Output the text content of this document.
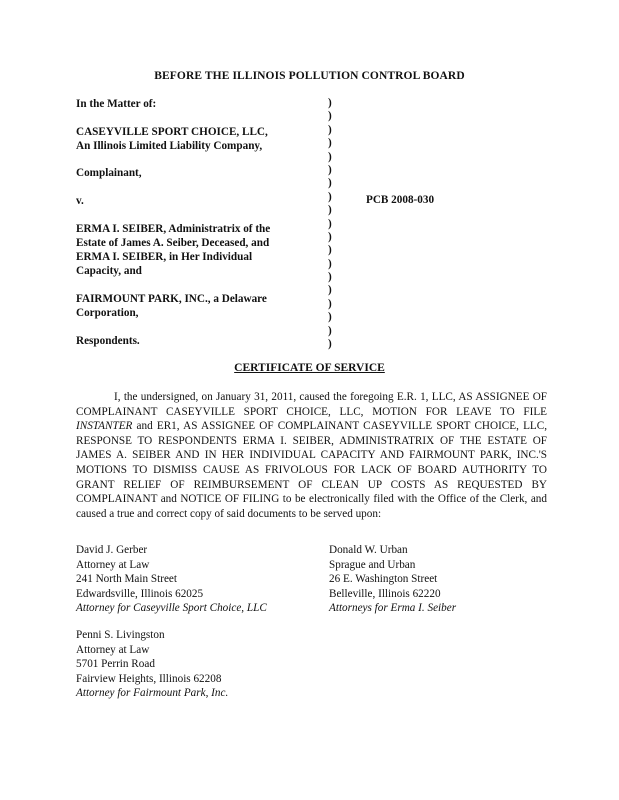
BEFORE THE ILLINOIS POLLUTION CONTROL BOARD
In the Matter of:
CASEYVILLE SPORT CHOICE, LLC,
An Illinois Limited Liability Company,
Complainant,
v.
ERMA I. SEIBER, Administratrix of the
Estate of James A. Seiber, Deceased, and
ERMA I. SEIBER, in Her Individual
Capacity, and
FAIRMOUNT PARK, INC., a Delaware
Corporation,
Respondents.
)
)
)
)
)
)
)
)
)
)
)
)
)
)
)
)
)
)
)
PCB 2008-030
CERTIFICATE OF SERVICE

I, the undersigned, on January 31, 2011, caused the foregoing E.R. 1, LLC, AS ASSIGNEE OF COMPLAINANT CASEYVILLE SPORT CHOICE, LLC, MOTION FOR LEAVE TO FILE INSTANTER and ER1, AS ASSIGNEE OF COMPLAINANT CASEYVILLE SPORT CHOICE, LLC, RESPONSE TO RESPONDENTS ERMA I. SEIBER, ADMINISTRATRIX OF THE ESTATE OF JAMES A. SEIBER AND IN HER INDIVIDUAL CAPACITY AND FAIRMOUNT PARK, INC.'S MOTIONS TO DISMISS CAUSE AS FRIVOLOUS FOR LACK OF BOARD AUTHORITY TO GRANT RELIEF OF REIMBURSEMENT OF CLEAN UP COSTS AS REQUESTED BY COMPLAINANT and NOTICE OF FILING to be electronically filed with the Office of the Clerk, and caused a true and correct copy of said documents to be served upon:

David J. Gerber
Attorney at Law
241 North Main Street
Edwardsville, Illinois 62025
Attorney for Caseyville Sport Choice, LLC
Donald W. Urban
Sprague and Urban
26 E. Washington Street
Belleville, Illinois 62220
Attorneys for Erma I. Seiber
Penni S. Livingston
Attorney at Law
5701 Perrin Road
Fairview Heights, Illinois 62208
Attorney for Fairmount Park, Inc.
